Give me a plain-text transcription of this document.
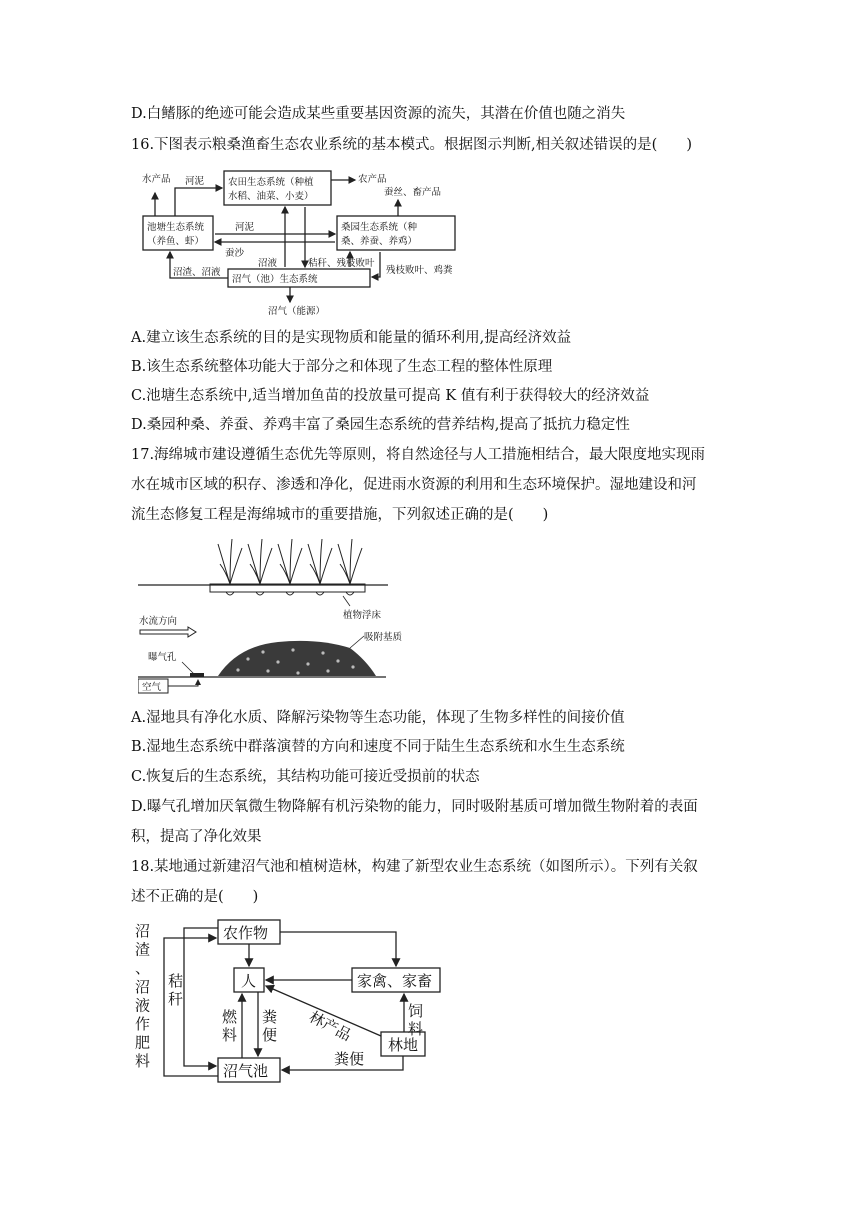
D.白鳍豚的绝迹可能会造成某些重要基因资源的流失，其潜在价值也随之消失
16.下图表示粮桑渔畜生态农业系统的基本模式。根据图示判断,相关叙述错误的是(　　)
水产品 河泥	农田生态系统（种植
水稻、油菜、小麦）
农产品
蚕丝、畜产品
池塘生态系统
（养鱼、虾）
河泥
蚕沙
桑园生态系统（种
桑、养蚕、养鸡）
沼液	秸秆、残枝败叶
沼渣、沼液
沼气（池）生态系统
残枝败叶、鸡粪
沼气（能源）
A.建立该生态系统的目的是实现物质和能量的循环利用,提高经济效益
B.该生态系统整体功能大于部分之和体现了生态工程的整体性原理
C.池塘生态系统中,适当增加鱼苗的投放量可提高 K 值有利于获得较大的经济效益
D.桑园种桑、养蚕、养鸡丰富了桑园生态系统的营养结构,提高了抵抗力稳定性
17.海绵城市建设遵循生态优先等原则，将自然途径与人工措施相结合，最大限度地实现雨
水在城市区域的积存、渗透和净化，促进雨水资源的利用和生态环境保护。湿地建设和河
流生态修复工程是海绵城市的重要措施，下列叙述正确的是(　　)
植物浮床
水流方向
吸附基质
曝气孔
空气
A.湿地具有净化水质、降解污染物等生态功能，体现了生物多样性的间接价值
B.湿地生态系统中群落演替的方向和速度不同于陆生生态系统和水生生态系统
C.恢复后的生态系统，其结构功能可接近受损前的状态
D.曝气孔增加厌氧微生物降解有机污染物的能力，同时吸附基质可增加微生物附着的表面
积，提高了净化效果
18.某地通过新建沼气池和植树造林，构建了新型农业生态系统（如图所示）。下列有关叙
述不正确的是(　　)
农作物
人	家禽、家畜
林地
沼气池
林产品
粪便
沼
渣
、
沼
液
作
肥
料
秸
秆
燃
料
粪
便
饲
料
